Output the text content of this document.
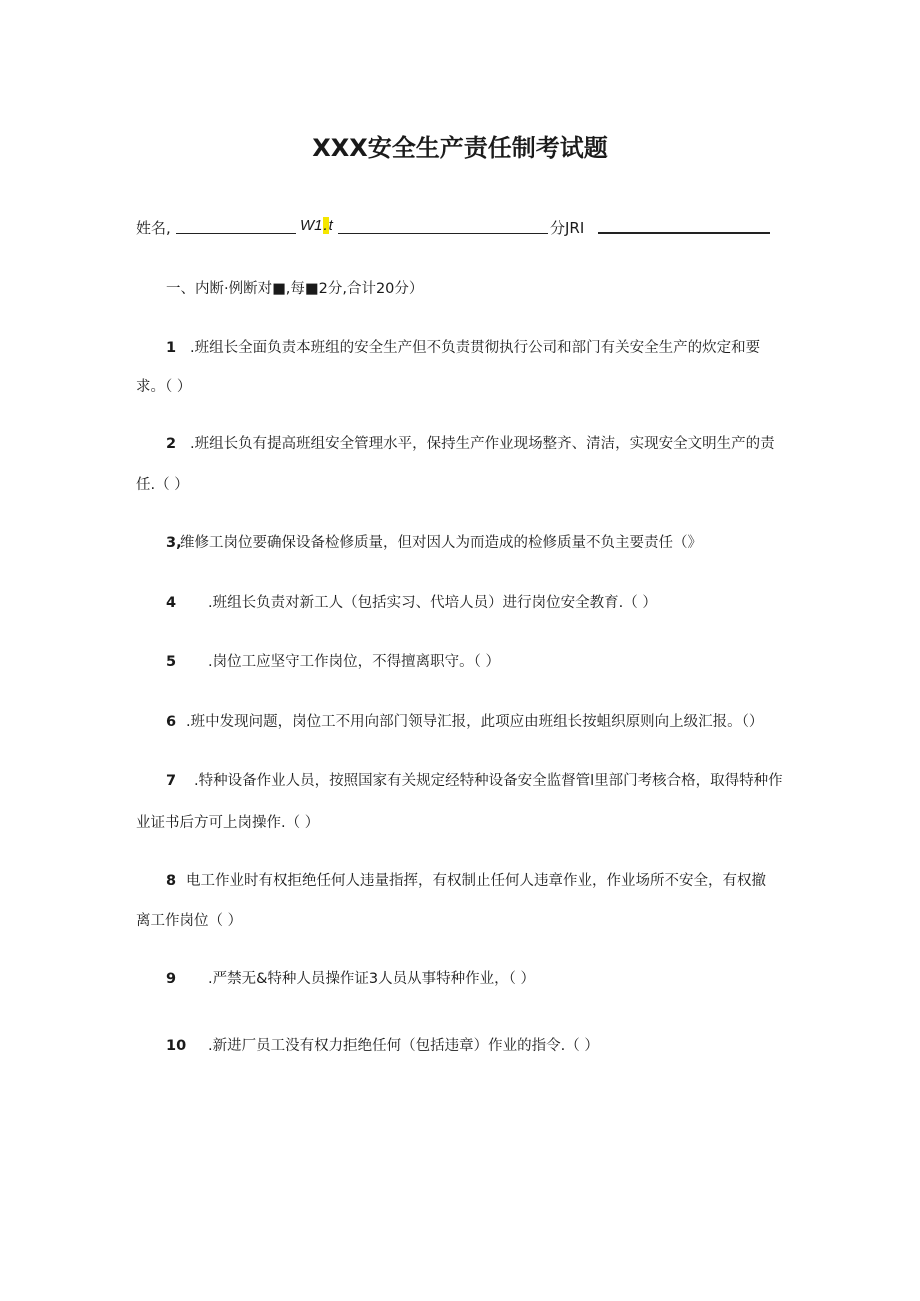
XXX安全生产责任制考试题
姓名,	W1.t	分JRI
一、内断·例断对■,每■2分,合计20分）
1 .班组长全面负责本班组的安全生产但不负责贯彻执行公司和部门有关安全生产的炊定和要
求。（ ）
2 .班组长负有提高班组安全管理水平，保持生产作业现场整齐、清洁，实现安全文明生产的责
任.（ ）
3,
维修工岗位要确保设备检修质量，但对因人为而造成的检修质量不负主要责任（》
4 .班组长负责对新工人（包括实习、代培人员）进行岗位安全教育.（ ）
5 .岗位工应坚守工作岗位，不得擅离职守。（ ）
6 .班中发现问题，岗位工不用向部门领导汇报，此项应由班组长按蛆织原则向上级汇报。（）
7 .特种设备作业人员，按照国家有关规定经特种设备安全监督管l里部门考核合格，取得特种作
业证书后方可上岗操作.（ ）
8 电工作业时有权拒绝任何人违量指挥，有权制止任何人违章作业，作业场所不安全，有权撤
离工作岗位（ ）
9 .严禁无&特种人员操作证3人员从事特种作业，（ ）
10 .新进厂员工没有权力拒绝任何（包括违章）作业的指令.（ ）
